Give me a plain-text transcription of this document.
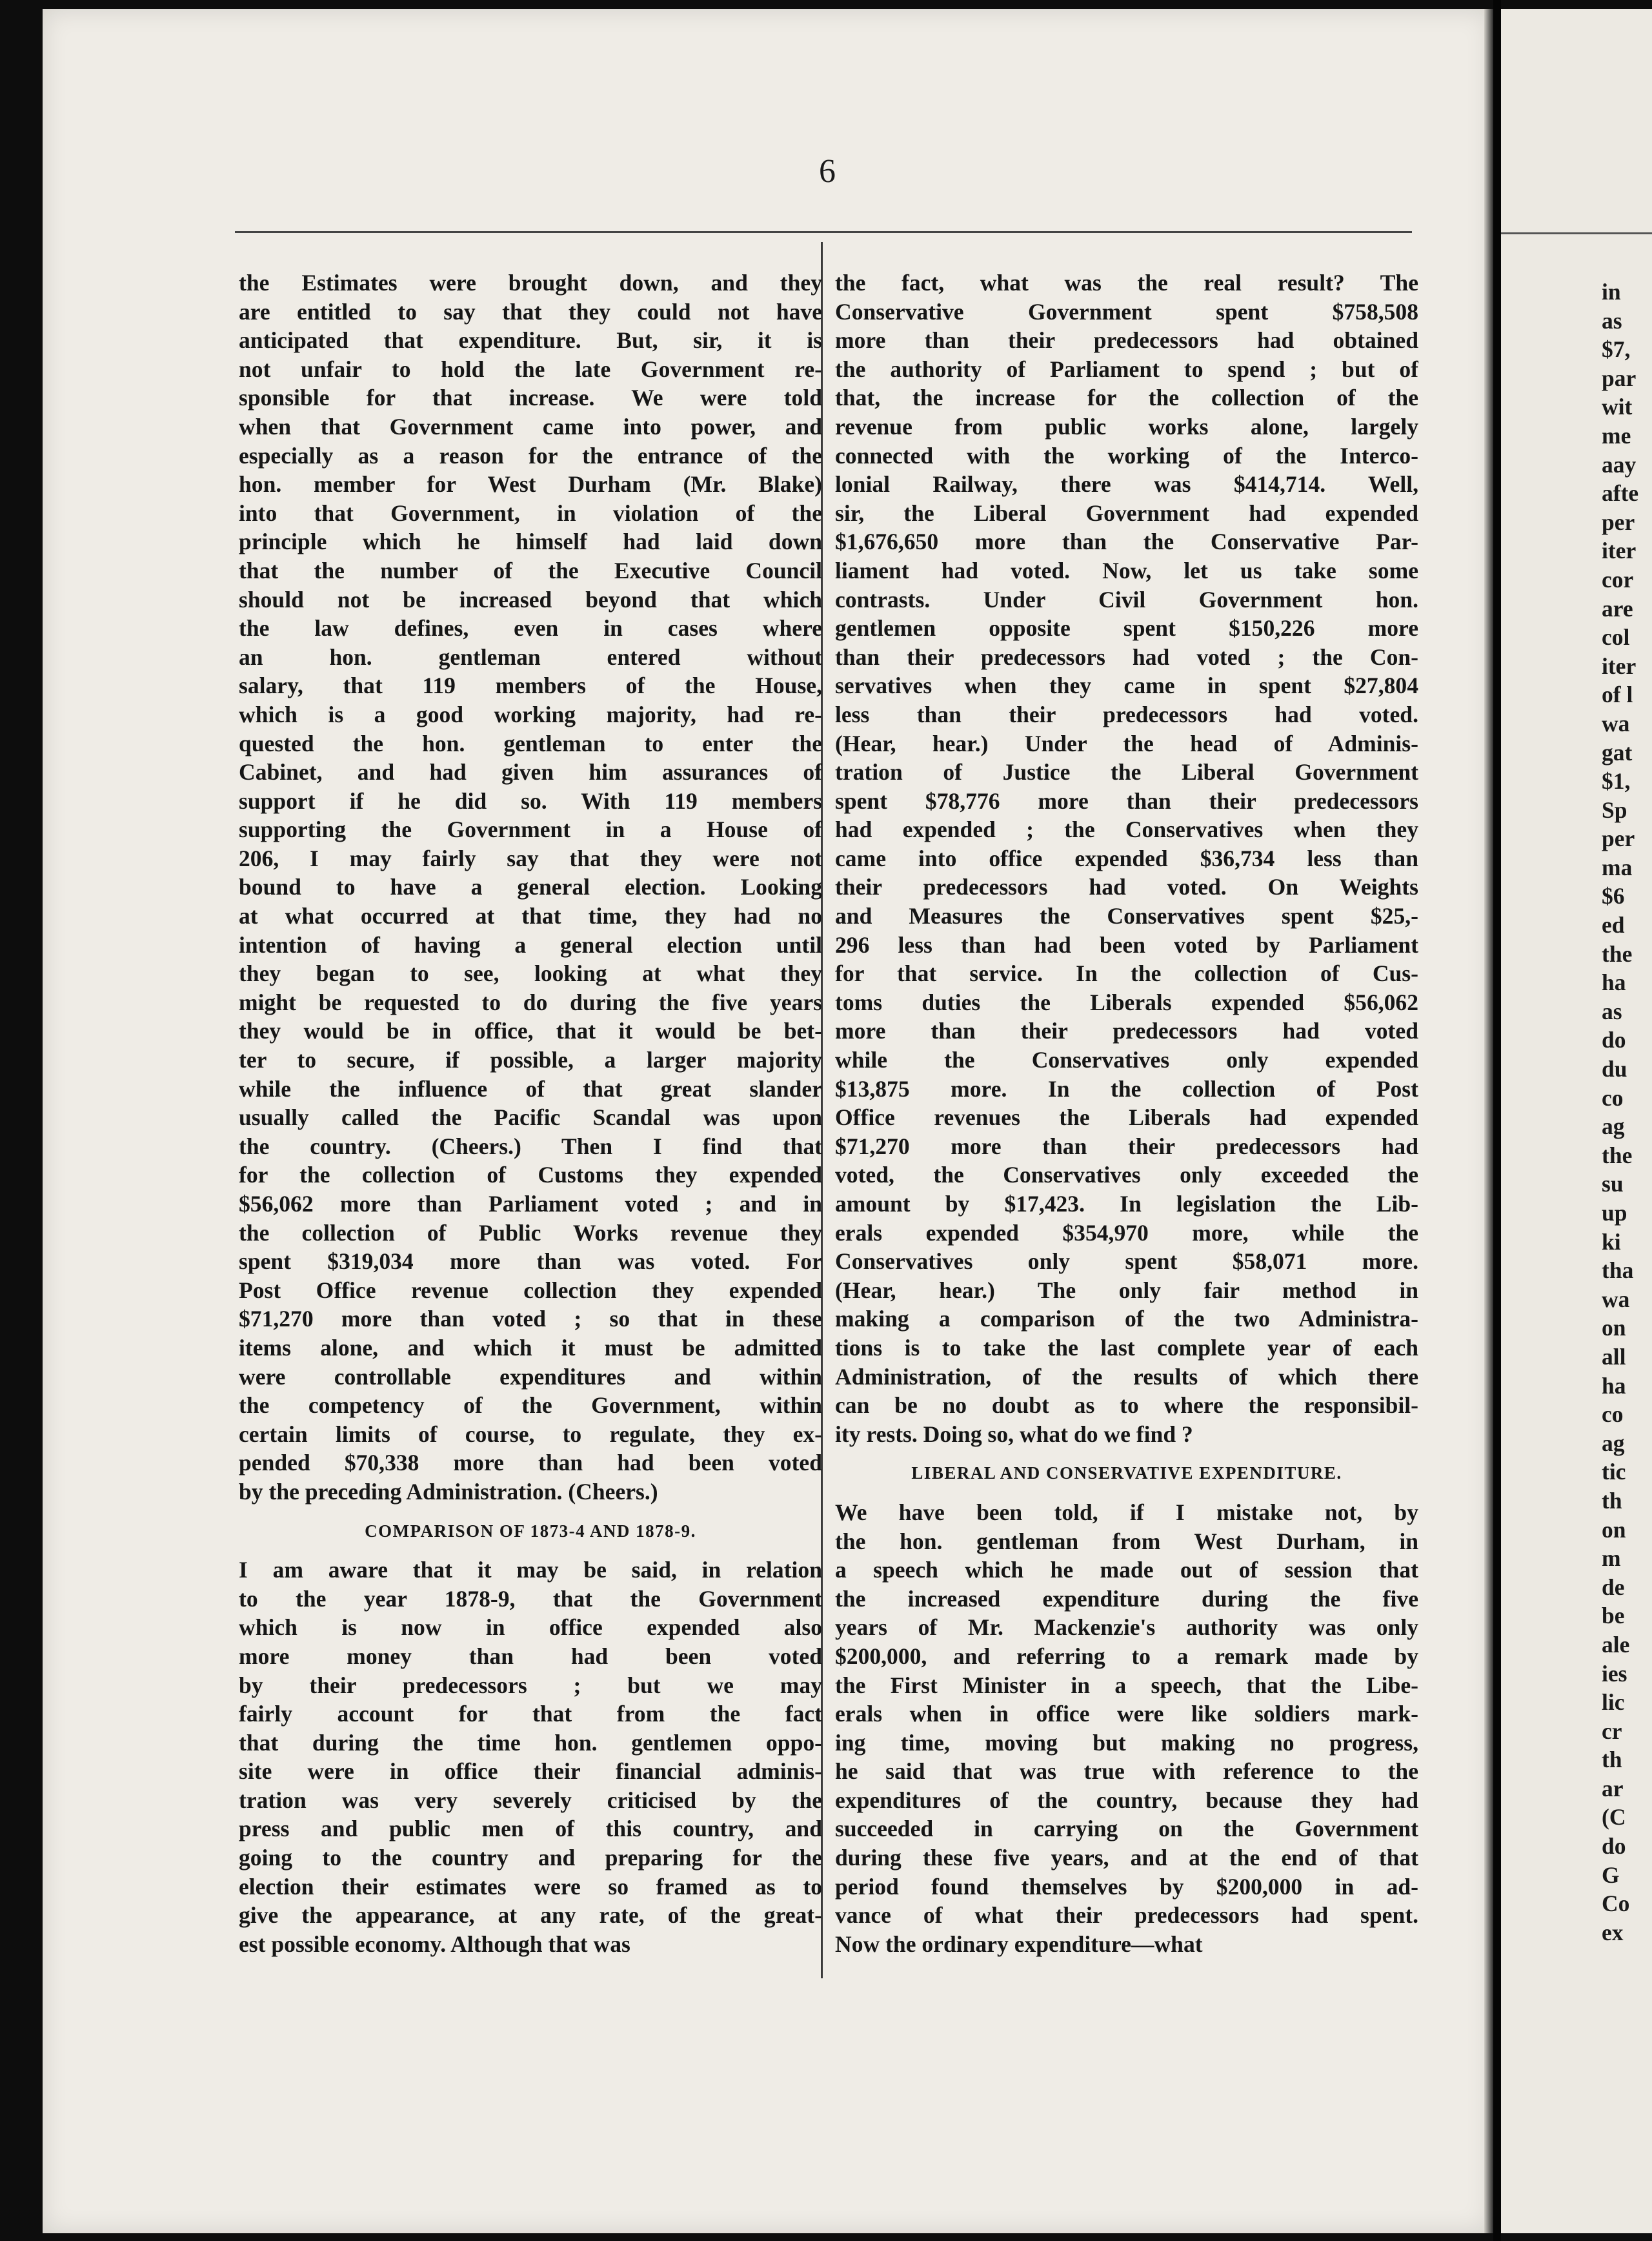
in
as
$7,
par
wit
me
aay
afte
per
iter
cor
are
col
iter
of l
wa
gat
$1,
Sp
per
ma
$6
ed
the
ha
as
do
du
co
ag
the
su
up
ki
tha
wa
on
all
ha
co
ag
tic
th
on
m
de
be
ale
ies
lic
cr
th
ar
(C
do
G
Co
ex
6
the Estimates were brought down, and they
are entitled to say that they could not have
anticipated that expenditure. But, sir, it is
not unfair to hold the late Government re-
sponsible for that increase. We were told
when that Government came into power, and
especially as a reason for the entrance of the
hon. member for West Durham (Mr. Blake)
into that Government, in violation of the
principle which he himself had laid down
that the number of the Executive Council
should not be increased beyond that which
the law defines, even in cases where
an hon. gentleman entered without
salary, that 119 members of the House,
which is a good working majority, had re-
quested the hon. gentleman to enter the
Cabinet, and had given him assurances of
support if he did so. With 119 members
supporting the Government in a House of
206, I may fairly say that they were not
bound to have a general election. Looking
at what occurred at that time, they had no
intention of having a general election until
they began to see, looking at what they
might be requested to do during the five years
they would be in office, that it would be bet-
ter to secure, if possible, a larger majority
while the influence of that great slander
usually called the Pacific Scandal was upon
the country. (Cheers.) Then I find that
for the collection of Customs they expended
$56,062 more than Parliament voted ; and in
the collection of Public Works revenue they
spent $319,034 more than was voted. For
Post Office revenue collection they expended
$71,270 more than voted ; so that in these
items alone, and which it must be admitted
were controllable expenditures and within
the competency of the Government, within
certain limits of course, to regulate, they ex-
pended $70,338 more than had been voted
by the preceding Administration. (Cheers.)
COMPARISON OF 1873-4 AND 1878-9.
I am aware that it may be said, in relation
to the year 1878-9, that the Government
which is now in office expended also
more money than had been voted
by their predecessors ; but we may
fairly account for that from the fact
that during the time hon. gentlemen oppo-
site were in office their financial adminis-
tration was very severely criticised by the
press and public men of this country, and
going to the country and preparing for the
election their estimates were so framed as to
give the appearance, at any rate, of the great-
est possible economy. Although that was
the fact, what was the real result? The
Conservative Government spent $758,508
more than their predecessors had obtained
the authority of Parliament to spend ; but of
that, the increase for the collection of the
revenue from public works alone, largely
connected with the working of the Interco-
lonial Railway, there was $414,714. Well,
sir, the Liberal Government had expended
$1,676,650 more than the Conservative Par-
liament had voted. Now, let us take some
contrasts. Under Civil Government hon.
gentlemen opposite spent $150,226 more
than their predecessors had voted ; the Con-
servatives when they came in spent $27,804
less than their predecessors had voted.
(Hear, hear.) Under the head of Adminis-
tration of Justice the Liberal Government
spent $78,776 more than their predecessors
had expended ; the Conservatives when they
came into office expended $36,734 less than
their predecessors had voted. On Weights
and Measures the Conservatives spent $25,-
296 less than had been voted by Parliament
for that service. In the collection of Cus-
toms duties the Liberals expended $56,062
more than their predecessors had voted
while the Conservatives only expended
$13,875 more. In the collection of Post
Office revenues the Liberals had expended
$71,270 more than their predecessors had
voted, the Conservatives only exceeded the
amount by $17,423. In legislation the Lib-
erals expended $354,970 more, while the
Conservatives only spent $58,071 more.
(Hear, hear.) The only fair method in
making a comparison of the two Administra-
tions is to take the last complete year of each
Administration, of the results of which there
can be no doubt as to where the responsibil-
ity rests. Doing so, what do we find ?
LIBERAL AND CONSERVATIVE EXPENDITURE.
We have been told, if I mistake not, by
the hon. gentleman from West Durham, in
a speech which he made out of session that
the increased expenditure during the five
years of Mr. Mackenzie's authority was only
$200,000, and referring to a remark made by
the First Minister in a speech, that the Libe-
erals when in office were like soldiers mark-
ing time, moving but making no progress,
he said that was true with reference to the
expenditures of the country, because they had
succeeded in carrying on the Government
during these five years, and at the end of that
period found themselves by $200,000 in ad-
vance of what their predecessors had spent.
Now the ordinary expenditure—what
